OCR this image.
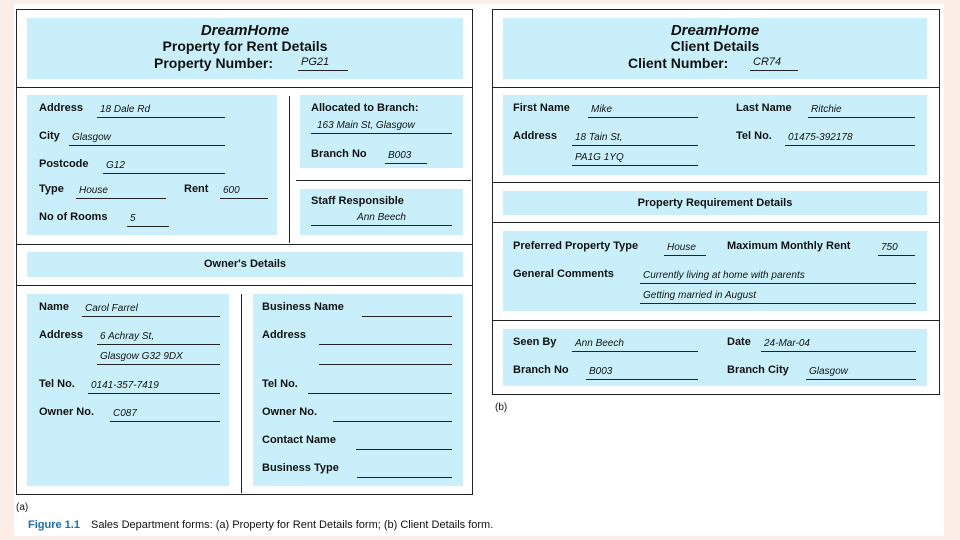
DreamHome
Property for Rent Details
Property Number:	PG21
Address	18 Dale Rd
City	Glasgow
Postcode	G12
Type	House	Rent	600
No of Rooms	5
Allocated to Branch:
163 Main St, Glasgow
Branch No	B003
Staff Responsible
Ann Beech
Owner's Details
Name	Carol Farrel
Address	6 Achray St,
Glasgow G32 9DX
Tel No.	0141-357-7419
Owner No.	C087
Business Name
Address
Tel No.
Owner No.
Contact Name
Business Type
(a)
DreamHome
Client Details
Client Number: CR74
First Name	Mike	Last Name	Ritchie
Address	18 Tain St,
PA1G 1YQ
Tel No.	01475-392178
Property Requirement Details
Preferred Property Type	House	Maximum Monthly Rent	750
General Comments	Currently living at home with parents
Getting married in August
Seen By	Ann Beech	Date	24-Mar-04
Branch No	B003	Branch City	Glasgow
(b)
Figure 1.1 Sales Department forms: (a) Property for Rent Details form; (b) Client Details form.
